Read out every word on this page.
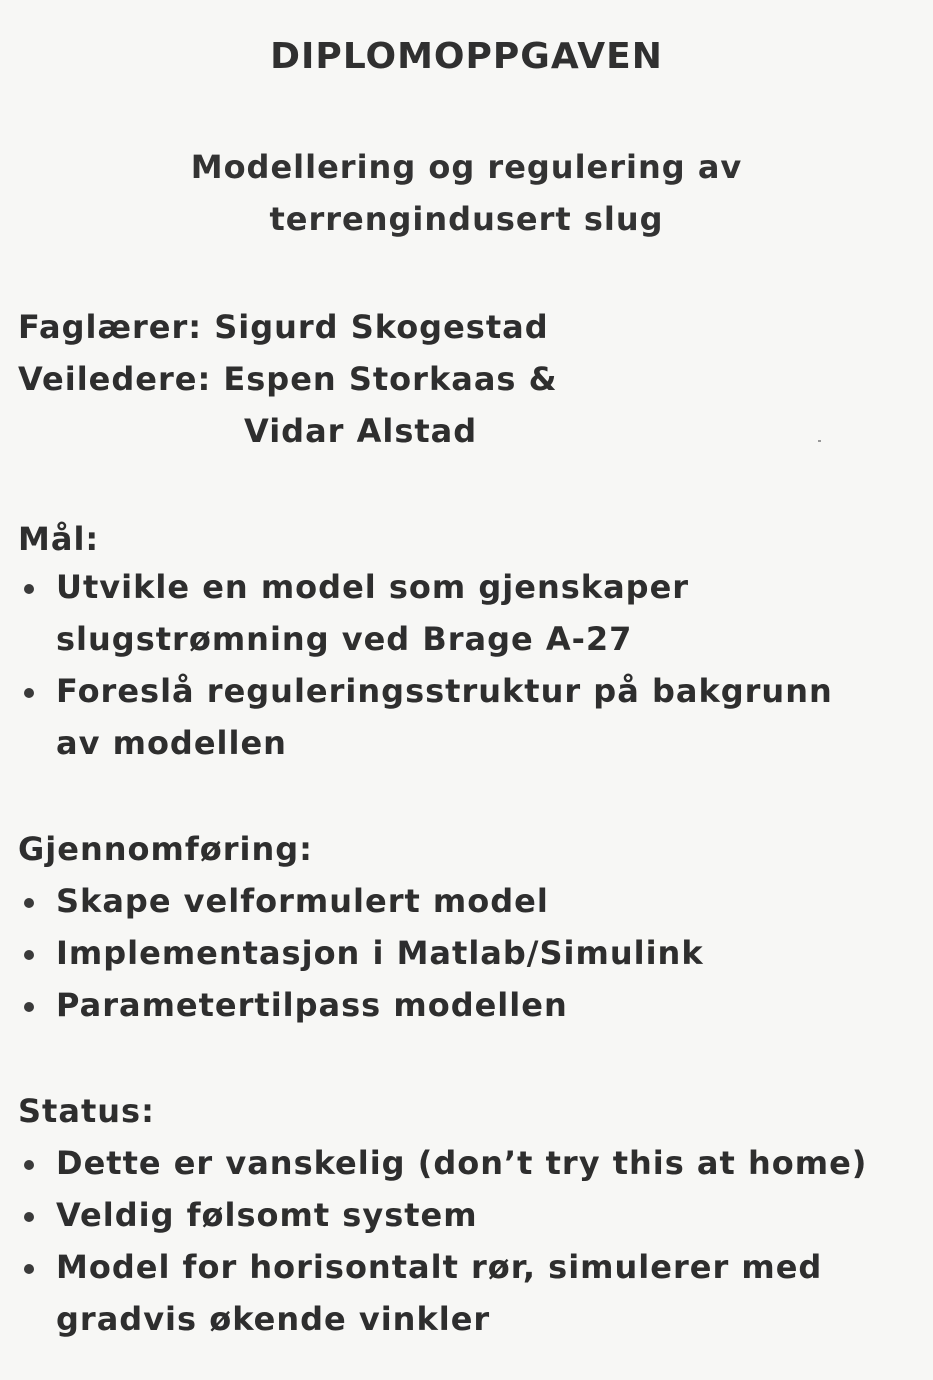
DIPLOMOPPGAVEN
Modellering og regulering av
terrengindusert slug
Faglærer: Sigurd Skogestad
Veiledere: Espen Storkaas &
Vidar Alstad
Mål:
Utvikle en model som gjenskaper
slugstrømning ved Brage A-27
Foreslå reguleringsstruktur på bakgrunn
av modellen
Gjennomføring:
Skape velformulert model
Implementasjon i Matlab/Simulink
Parametertilpass modellen
Status:
Dette er vanskelig (don’t try this at home)
Veldig følsomt system
Model for horisontalt rør, simulerer med
gradvis økende vinkler
